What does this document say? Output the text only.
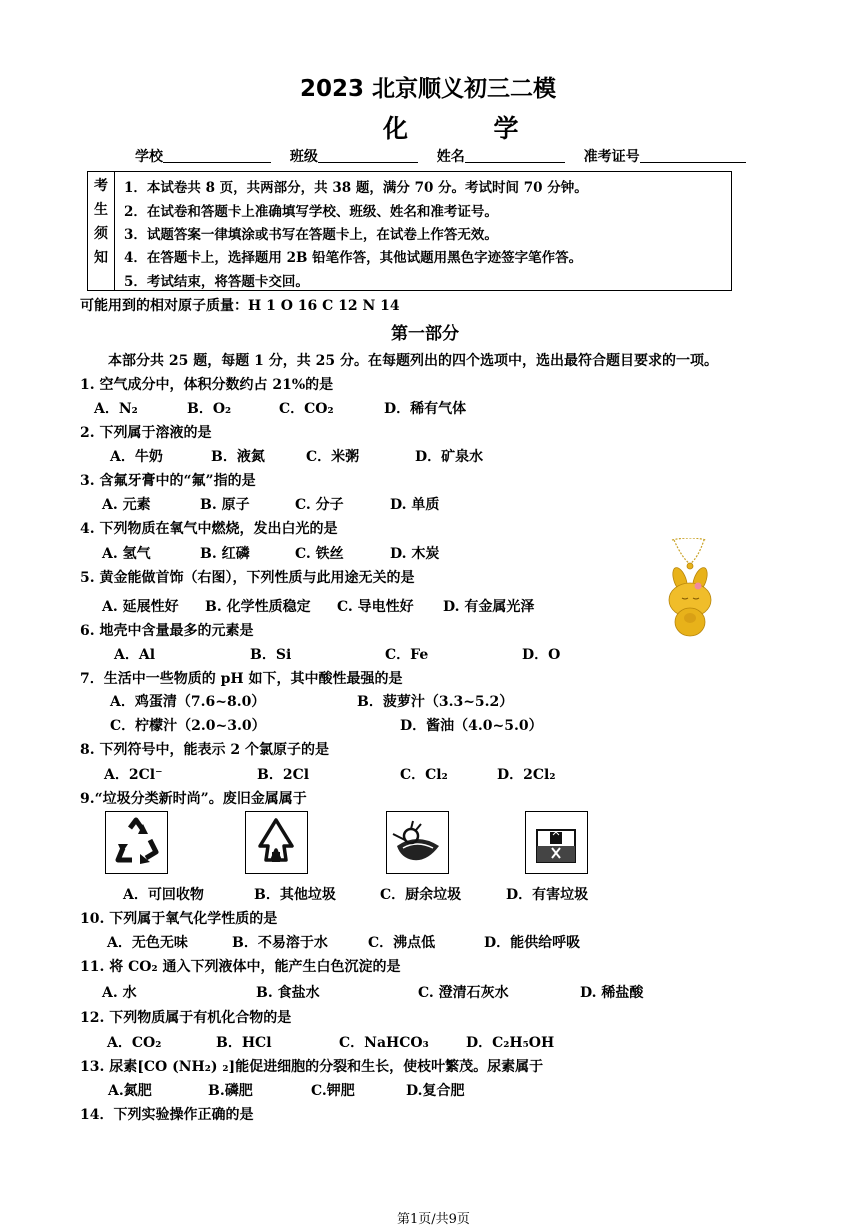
2023 北京顺义初三二模
化	学
学校	班级	姓名	准考证号
考
生
须
知
1．本试卷共 8 页，共两部分，共 38 题，满分 70 分。考试时间 70 分钟。
2．在试卷和答题卡上准确填写学校、班级、姓名和准考证号。
3．试题答案一律填涂或书写在答题卡上，在试卷上作答无效。
4．在答题卡上，选择题用 2B 铅笔作答，其他试题用黑色字迹签字笔作答。
5．考试结束，将答题卡交回。
可能用到的相对原子质量：H 1 O 16 C 12 N 14
第一部分
本部分共 25 题，每题 1 分，共 25 分。在每题列出的四个选项中，选出最符合题目要求的一项。
1. 空气成分中，体积分数约占 21%的是
A．N₂	B．O₂	C．CO₂	D．稀有气体
2. 下列属于溶液的是
A．牛奶	B．液氮	C．米粥	D．矿泉水
3. 含氟牙膏中的“氟”指的是
A. 元素	B. 原子	C. 分子	D. 单质
4. 下列物质在氧气中燃烧，发出白光的是
A. 氢气	B. 红磷	C. 铁丝	D. 木炭
5. 黄金能做首饰（右图），下列性质与此用途无关的是
A. 延展性好 B. 化学性质稳定 C. 导电性好 D. 有金属光泽
6. 地壳中含量最多的元素是
A．Al	B．Si	C．Fe	D．O
7．生活中一些物质的 pH 如下，其中酸性最强的是
A．鸡蛋清（7.6~8.0）	B．菠萝汁（3.3~5.2）
C．柠檬汁（2.0~3.0）	D．酱油（4.0~5.0）
8. 下列符号中，能表示 2 个氯原子的是
A．2Cl⁻	B．2Cl	C．Cl₂	D．2Cl₂
9.“垃圾分类新时尚”。废旧金属属于
A．可回收物	B．其他垃圾	C．厨余垃圾	D．有害垃圾
10. 下列属于氧气化学性质的是
A．无色无味	B．不易溶于水	C．沸点低	D．能供给呼吸
11. 将 CO₂ 通入下列液体中，能产生白色沉淀的是
A. 水	B. 食盐水	C. 澄清石灰水	D. 稀盐酸
12. 下列物质属于有机化合物的是
A．CO₂	B．HCl	C．NaHCO₃	D．C₂H₅OH
13. 尿素[CO (NH₂) ₂]能促进细胞的分裂和生长，使枝叶繁茂。尿素属于
A.氮肥	B.磷肥	C.钾肥	D.复合肥
14．下列实验操作正确的是
第1页/共9页
